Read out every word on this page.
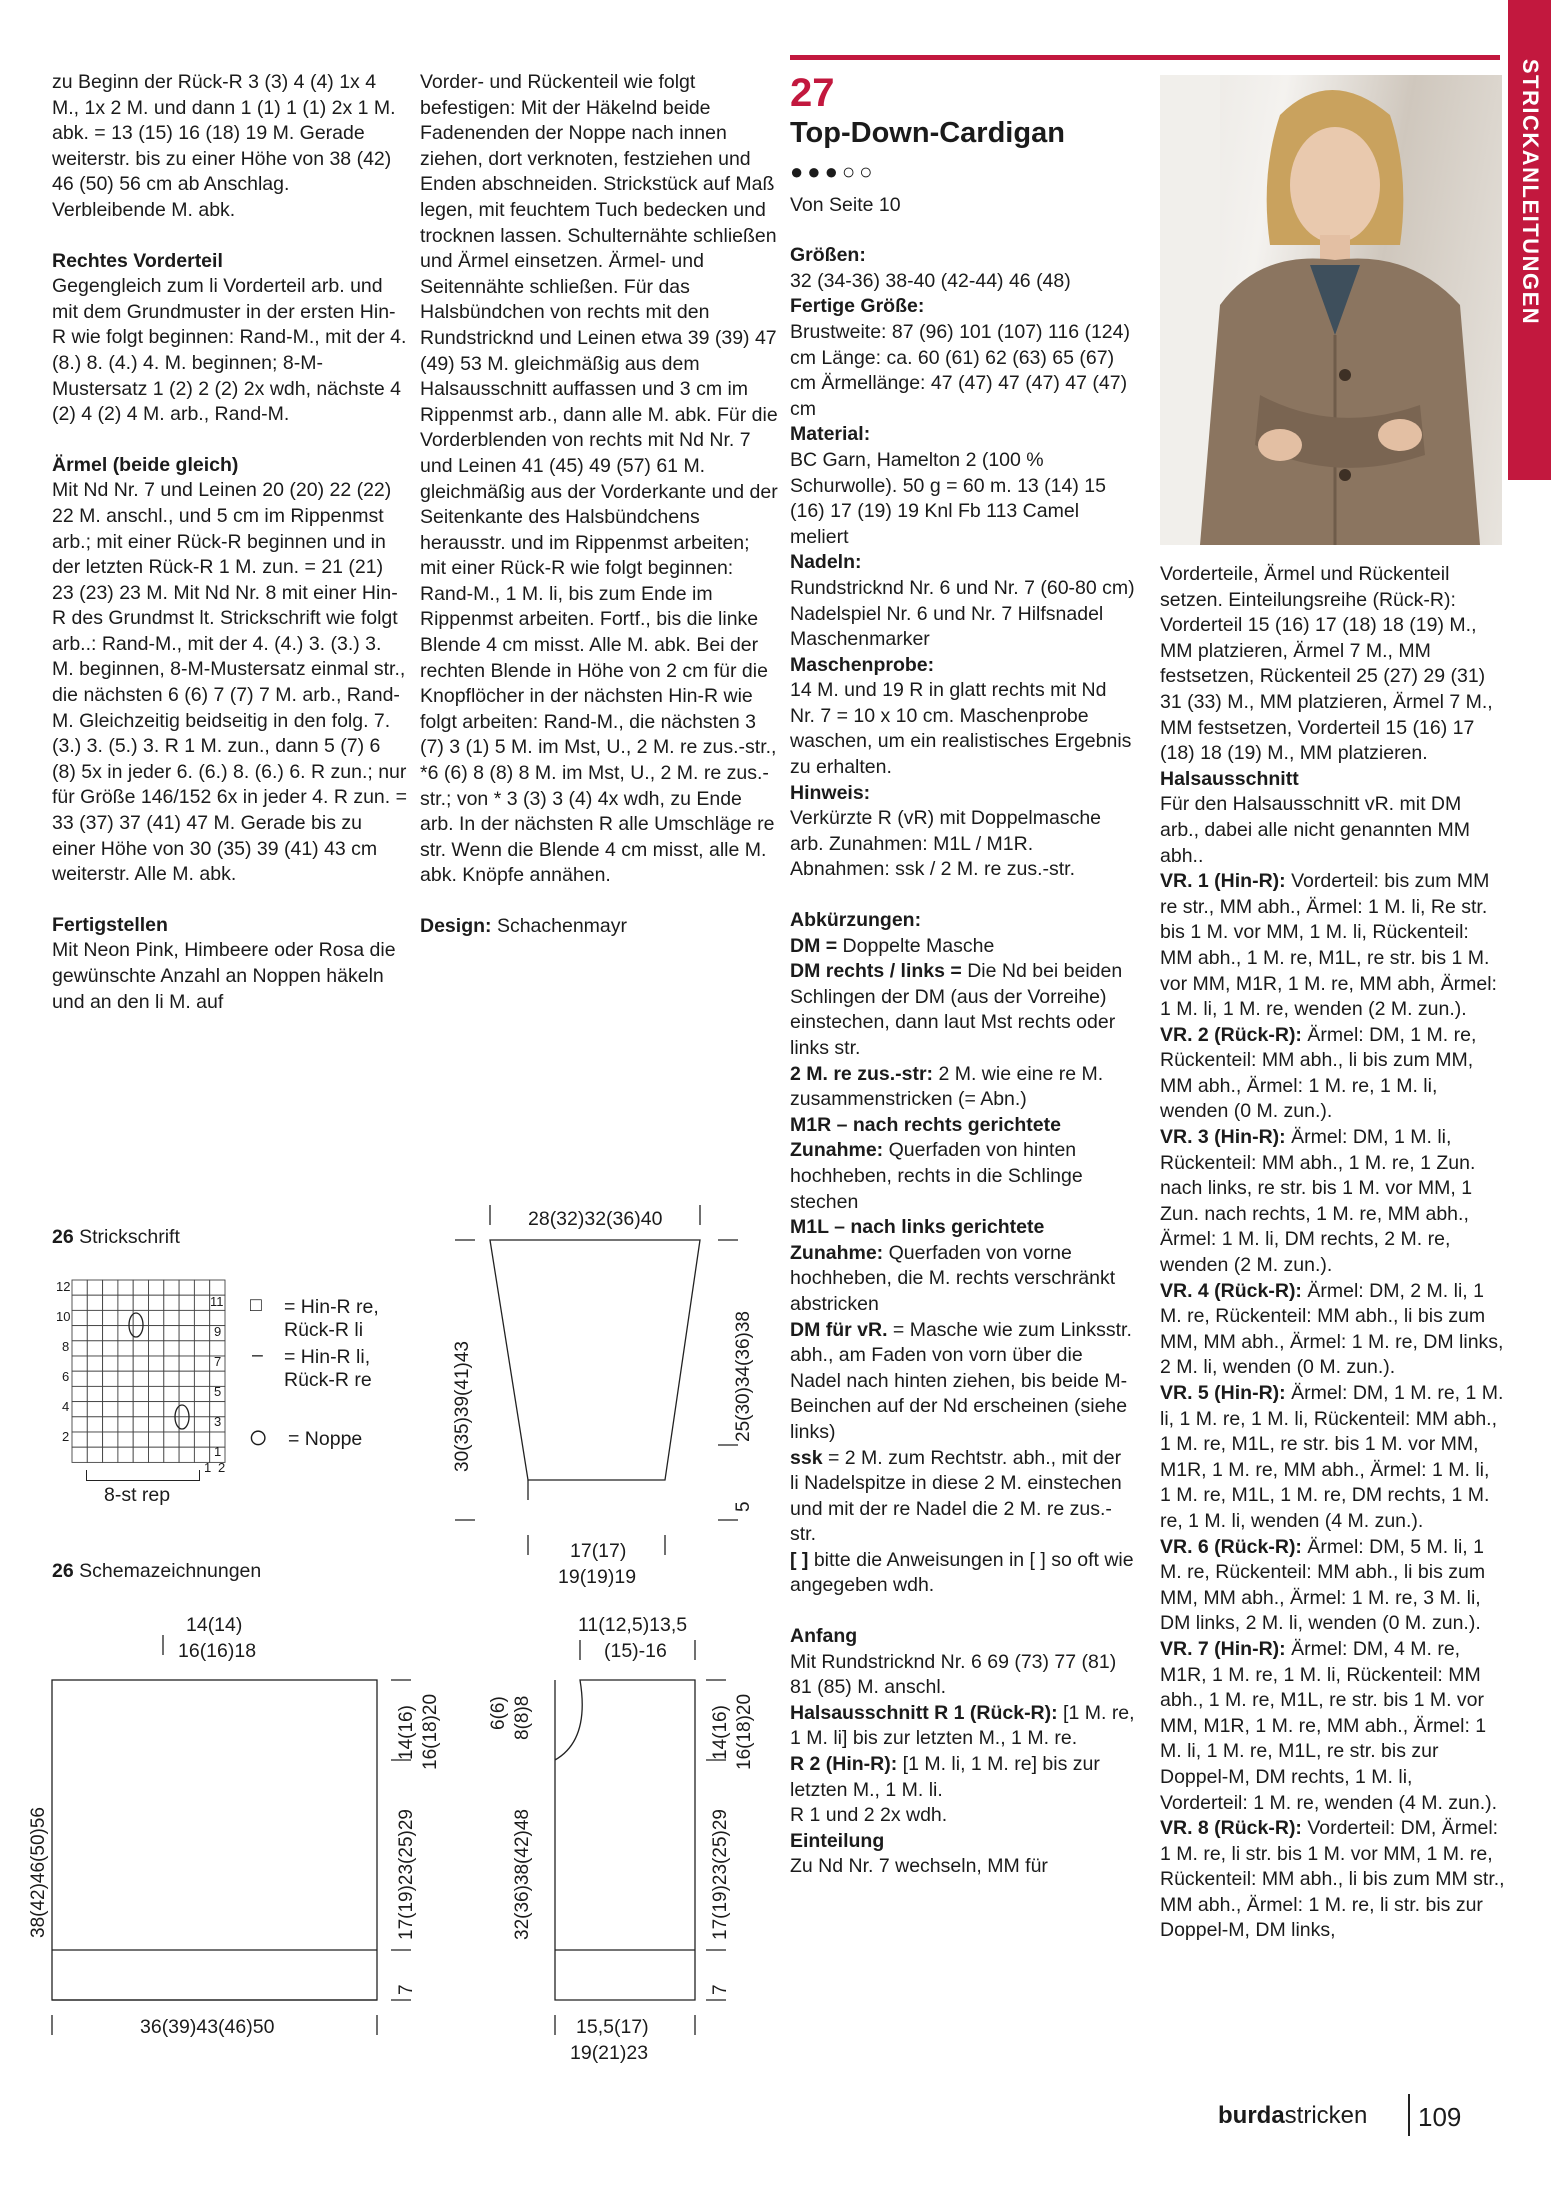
STRICKANLEITUNGEN

zu Beginn der Rück-R 3 (3) 4 (4) 1x 4 M., 1x 2 M. und dann 1 (1) 1 (1) 2x 1 M. abk. = 13 (15) 16 (18) 19 M. Gerade weiterstr. bis zu einer Höhe von 38 (42) 46 (50) 56 cm ab Anschlag. Verbleibende M. abk.

Rechtes Vorderteil

Gegengleich zum li Vorderteil arb. und mit dem Grundmuster in der ersten Hin-R wie folgt beginnen: Rand-M., mit der 4. (8.) 8. (4.) 4. M. beginnen; 8-M-Mustersatz 1 (2) 2 (2) 2x wdh, nächste 4 (2) 4 (2) 4 M. arb., Rand-M.

Ärmel (beide gleich)

Mit Nd Nr. 7 und Leinen 20 (20) 22 (22) 22 M. anschl., und 5 cm im Rippenmst arb.; mit einer Rück-R beginnen und in der letzten Rück-R 1 M. zun. = 21 (21) 23 (23) 23 M. Mit Nd Nr. 8 mit einer Hin-R des Grundmst lt. Strickschrift wie folgt arb..: Rand-M., mit der 4. (4.) 3. (3.) 3. M. beginnen, 8-M-Mustersatz einmal str., die nächsten 6 (6) 7 (7) 7 M. arb., Rand-M. Gleichzeitig beidseitig in den folg. 7. (3.) 3. (5.) 3. R 1 M. zun., dann 5 (7) 6 (8) 5x in jeder 6. (6.) 8. (6.) 6. R zun.; nur für Größe 146/152 6x in jeder 4. R zun. = 33 (37) 37 (41) 47 M. Gerade bis zu einer Höhe von 30 (35) 39 (41) 43 cm weiterstr. Alle M. abk.

Fertigstellen

Mit Neon Pink, Himbeere oder Rosa die gewünschte Anzahl an Noppen häkeln und an den li M. auf

Vorder- und Rückenteil wie folgt befestigen: Mit der Häkelnd beide Fadenenden der Noppe nach innen ziehen, dort verknoten, festziehen und Enden abschneiden. Strickstück auf Maß legen, mit feuchtem Tuch bedecken und trocknen lassen. Schulternähte schließen und Ärmel einsetzen. Ärmel- und Seitennähte schließen. Für das Halsbündchen von rechts mit den Rundstricknd und Leinen etwa 39 (39) 47 (49) 53 M. gleichmäßig aus dem Halsausschnitt auffassen und 3 cm im Rippenmst arb., dann alle M. abk. Für die Vorderblenden von rechts mit Nd Nr. 7 und Leinen 41 (45) 49 (57) 61 M. gleichmäßig aus der Vorderkante und der Seitenkante des Halsbündchens herausstr. und im Rippenmst arbeiten; mit einer Rück-R wie folgt beginnen: Rand-M., 1 M. li, bis zum Ende im Rippenmst arbeiten. Fortf., bis die linke Blende 4 cm misst. Alle M. abk. Bei der rechten Blende in Höhe von 2 cm für die Knopflöcher in der nächsten Hin-R wie folgt arbeiten: Rand-M., die nächsten 3 (7) 3 (1) 5 M. im Mst, U., 2 M. re zus.-str., *6 (6) 8 (8) 8 M. im Mst, U., 2 M. re zus.-str.; von * 3 (3) 3 (4) 4x wdh, zu Ende arb. In der nächsten R alle Umschläge re str. Wenn die Blende 4 cm misst, alle M. abk. Knöpfe annähen.

Design: Schachenmayr

27
Top-Down-Cardigan
●●●○○

Von Seite 10

Größen:

32 (34-36) 38-40 (42-44) 46 (48)

Fertige Größe:

Brustweite: 87 (96) 101 (107) 116 (124) cm Länge: ca. 60 (61) 62 (63) 65 (67) cm Ärmellänge: 47 (47) 47 (47) 47 (47) cm

Material:

BC Garn, Hamelton 2 (100 % Schurwolle). 50 g = 60 m. 13 (14) 15 (16) 17 (19) 19 Knl Fb 113 Camel meliert

Nadeln:

Rundstricknd Nr. 6 und Nr. 7 (60-80 cm) Nadelspiel Nr. 6 und Nr. 7 Hilfsnadel Maschenmarker

Maschenprobe:

14 M. und 19 R in glatt rechts mit Nd Nr. 7 = 10 x 10 cm. Maschenprobe waschen, um ein realistisches Ergebnis zu erhalten.

Hinweis:

Verkürzte R (vR) mit Doppelmasche arb. Zunahmen: M1L / M1R. Abnahmen: ssk / 2 M. re zus.-str.

Abkürzungen:
DM = Doppelte Masche
DM rechts / links = Die Nd bei beiden Schlingen der DM (aus der Vorreihe) einstechen, dann laut Mst rechts oder links str.
2 M. re zus.-str: 2 M. wie eine re M. zusammenstricken (= Abn.)
M1R – nach rechts gerichtete Zunahme: Querfaden von hinten hochheben, rechts in die Schlinge stechen
M1L – nach links gerichtete Zunahme: Querfaden von vorne hochheben, die M. rechts verschränkt abstricken
DM für vR. = Masche wie zum Linksstr. abh., am Faden von vorn über die Nadel nach hinten ziehen, bis beide M-Beinchen auf der Nd erscheinen (siehe links)
ssk = 2 M. zum Rechtstr. abh., mit der li Nadelspitze in diese 2 M. einstechen und mit der re Nadel die 2 M. re zus.-str.
[ ] bitte die Anweisungen in [ ] so oft wie angegeben wdh.
Anfang
Mit Rundstricknd Nr. 6 69 (73) 77 (81) 81 (85) M. anschl.
Halsausschnitt R 1 (Rück-R): [1 M. re, 1 M. li] bis zur letzten M., 1 M. re.
R 2 (Hin-R): [1 M. li, 1 M. re] bis zur letzten M., 1 M. li.
R 1 und 2 2x wdh.
Einteilung
Zu Nd Nr. 7 wechseln, MM für
Vorderteile, Ärmel und Rückenteil setzen. Einteilungsreihe (Rück-R): Vorderteil 15 (16) 17 (18) 18 (19) M., MM platzieren, Ärmel 7 M., MM festsetzen, Rückenteil 25 (27) 29 (31) 31 (33) M., MM platzieren, Ärmel 7 M., MM festsetzen, Vorderteil 15 (16) 17 (18) 18 (19) M., MM platzieren.
Halsausschnitt
Für den Halsausschnitt vR. mit DM arb., dabei alle nicht genannten MM abh..
VR. 1 (Hin-R): Vorderteil: bis zum MM re str., MM abh., Ärmel: 1 M. li, Re str. bis 1 M. vor MM, 1 M. li, Rückenteil: MM abh., 1 M. re, M1L, re str. bis 1 M. vor MM, M1R, 1 M. re, MM abh, Ärmel: 1 M. li, 1 M. re, wenden (2 M. zun.).
VR. 2 (Rück-R): Ärmel: DM, 1 M. re, Rückenteil: MM abh., li bis zum MM, MM abh., Ärmel: 1 M. re, 1 M. li, wenden (0 M. zun.).
VR. 3 (Hin-R): Ärmel: DM, 1 M. li, Rückenteil: MM abh., 1 M. re, 1 Zun. nach links, re str. bis 1 M. vor MM, 1 Zun. nach rechts, 1 M. re, MM abh., Ärmel: 1 M. li, DM rechts, 2 M. re, wenden (2 M. zun.).
VR. 4 (Rück-R): Ärmel: DM, 2 M. li, 1 M. re, Rückenteil: MM abh., li bis zum MM, MM abh., Ärmel: 1 M. re, DM links, 2 M. li, wenden (0 M. zun.).
VR. 5 (Hin-R): Ärmel: DM, 1 M. re, 1 M. li, 1 M. re, 1 M. li, Rückenteil: MM abh., 1 M. re, M1L, re str. bis 1 M. vor MM, M1R, 1 M. re, MM abh., Ärmel: 1 M. li, 1 M. re, M1L, 1 M. re, DM rechts, 1 M. re, 1 M. li, wenden (4 M. zun.).
VR. 6 (Rück-R): Ärmel: DM, 5 M. li, 1 M. re, Rückenteil: MM abh., li bis zum MM, MM abh., Ärmel: 1 M. re, 3 M. li, DM links, 2 M. li, wenden (0 M. zun.).
VR. 7 (Hin-R): Ärmel: DM, 4 M. re, M1R, 1 M. re, 1 M. li, Rückenteil: MM abh., 1 M. re, M1L, re str. bis 1 M. vor MM, M1R, 1 M. re, MM abh., Ärmel: 1 M. li, 1 M. re, M1L, re str. bis zur Doppel-M, DM rechts, 1 M. li, Vorderteil: 1 M. re, wenden (4 M. zun.).
VR. 8 (Rück-R): Vorderteil: DM, Ärmel: 1 M. re, li str. bis 1 M. vor MM, 1 M. re, Rückenteil: MM abh., li bis zum MM str., MM abh., Ärmel: 1 M. re, li str. bis zur Doppel-M, DM links,
26 Strickschrift
12
10
8
6
4
2
11
9
7
5
3
1
1 2
8-st rep
□ = Hin-R re, Rück-R li
– = Hin-R li, Rück-R re
○ = Noppe
26 Schemazeichnungen
28(32)32(36)40
30(35)39(41)43	25(30)34(36)38
5
17(17)
19(19)19
14(14)
16(16)18
38(42)46(50)56
14(16) 16(18)20
17(19)23(25)29
7
36(39)43(46)50
11(12,5)13,5
(15)-16
6(6) 8(8)8
32(36)38(42)48
14(16) 16(18)20
17(19)23(25)29
7
15,5(17)
19(21)23
burdastricken 109
